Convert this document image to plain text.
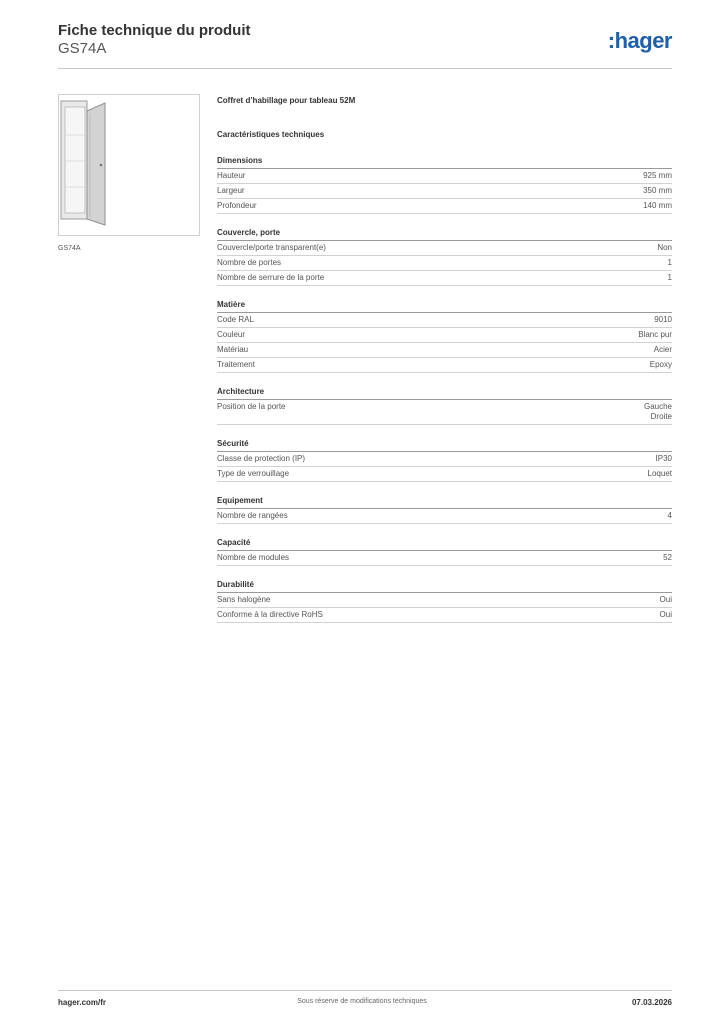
Fiche technique du produit
GS74A	:hager
GS74A
Coffret d’habillage pour tableau 52M
Caractéristiques techniques
Dimensions
Hauteur	925 mm
Largeur	350 mm
Profondeur	140 mm
Couvercle, porte
Couvercle/porte transparent(e)	Non
Nombre de portes	1
Nombre de serrure de la porte	1
Matière
Code RAL	9010
Couleur	Blanc pur
Matériau	Acier
Traitement	Epoxy
Architecture
Position de la porte	Gauche
Droite
Sécurité
Classe de protection (IP)	IP30
Type de verrouillage	Loquet
Equipement
Nombre de rangées	4
Capacité
Nombre de modules	52
Durabilité
Sans halogène	Oui
Conforme à la directive RoHS	Oui
hager.com/fr	Sous réserve de modifications techniques	07.03.2026
